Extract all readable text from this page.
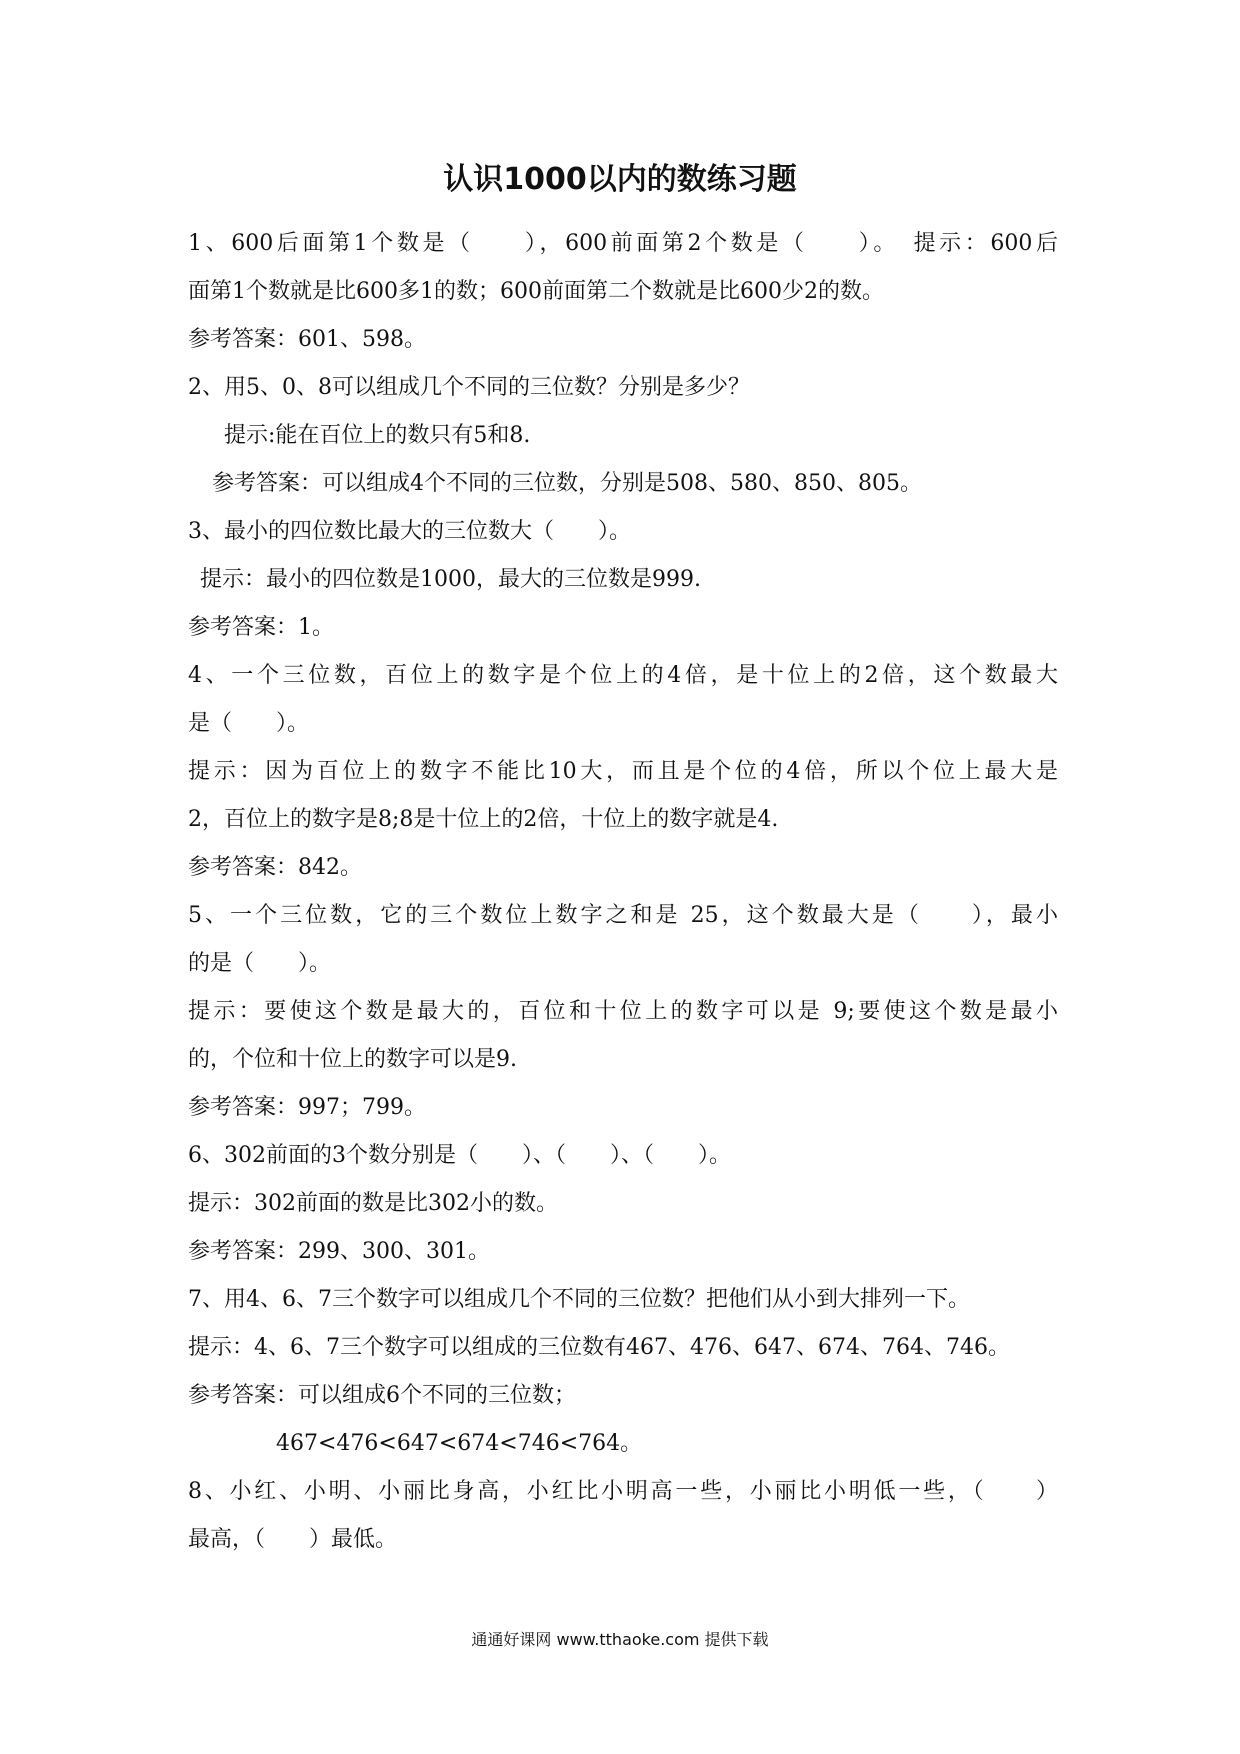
认识1000以内的数练习题

1、600后面第1个数是（　　），600前面第2个数是（　　）。　提示：600后

面第1个数就是比600多1的数；600前面第二个数就是比600少2的数。

参考答案：601、598。

2、用5、0、8可以组成几个不同的三位数？分别是多少？

提示:能在百位上的数只有5和8.

参考答案：可以组成4个不同的三位数，分别是508、580、850、805。

3、最小的四位数比最大的三位数大（　　）。

提示：最小的四位数是1000，最大的三位数是999.

参考答案：1。

4、一个三位数，百位上的数字是个位上的4倍，是十位上的2倍，这个数最大

是（　　）。

提示：因为百位上的数字不能比10大，而且是个位的4倍，所以个位上最大是

2，百位上的数字是8;8是十位上的2倍，十位上的数字就是4.

参考答案：842。

5、一个三位数，它的三个数位上数字之和是 25，这个数最大是（　　），最小

的是（　　）。

提示：要使这个数是最大的，百位和十位上的数字可以是 9;要使这个数是最小

的，个位和十位上的数字可以是9.

参考答案：997；799。

6、302前面的3个数分别是（　　）、（　　）、（　　）。

提示：302前面的数是比302小的数。

参考答案：299、300、301。

7、用4、6、7三个数字可以组成几个不同的三位数？把他们从小到大排列一下。

提示：4、6、7三个数字可以组成的三位数有467、476、647、674、764、746。

参考答案：可以组成6个不同的三位数；

467<476<647<674<746<764。

8、小红、小明、小丽比身高，小红比小明高一些，小丽比小明低一些，（　　）

最高，（　　）最低。

通通好课网 www.tthaoke.com 提供下载
